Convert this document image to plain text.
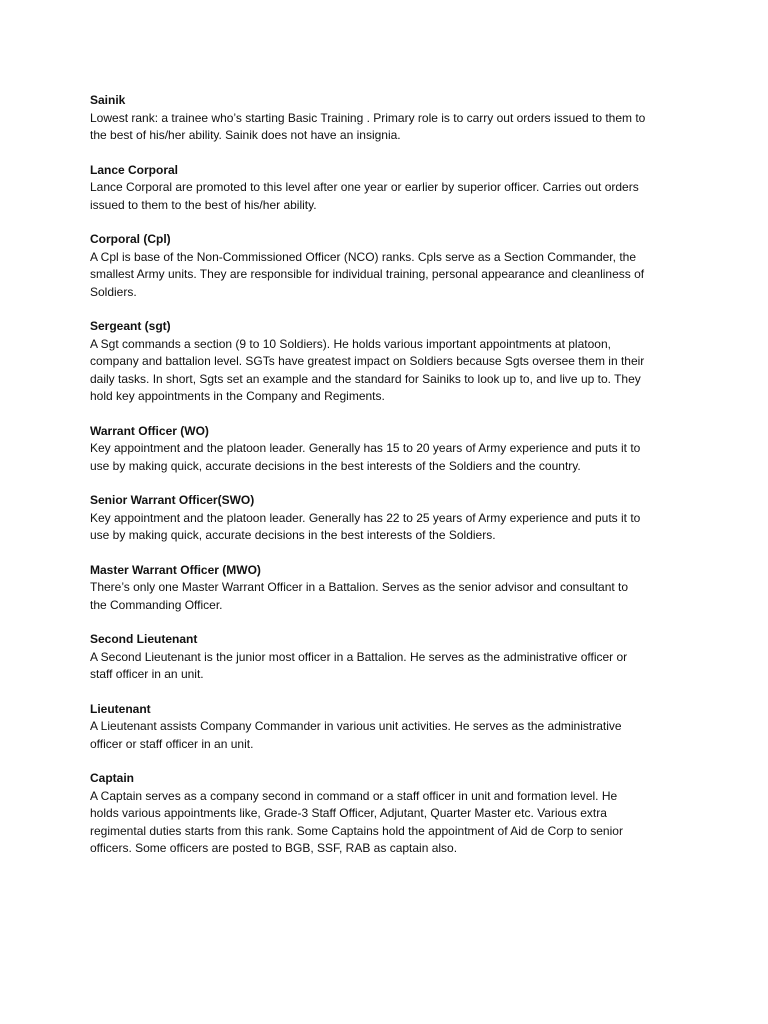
Sainik

Lowest rank: a trainee who’s starting Basic Training . Primary role is to carry out orders issued to them to
the best of his/her ability. Sainik does not have an insignia.

Lance Corporal

Lance Corporal are promoted to this level after one year or earlier by superior officer. Carries out orders
issued to them to the best of his/her ability.

Corporal (Cpl)

A Cpl is base of the Non-Commissioned Officer (NCO) ranks. Cpls serve as a Section Commander, the
smallest Army units. They are responsible for individual training, personal appearance and cleanliness of
Soldiers.

Sergeant (sgt)

A Sgt commands a section (9 to 10 Soldiers). He holds various important appointments at platoon,
company and battalion level. SGTs have greatest impact on Soldiers because Sgts oversee them in their
daily tasks. In short, Sgts set an example and the standard for Sainiks to look up to, and live up to. They
hold key appointments in the Company and Regiments.

Warrant Officer (WO)

Key appointment and the platoon leader. Generally has 15 to 20 years of Army experience and puts it to
use by making quick, accurate decisions in the best interests of the Soldiers and the country.

Senior Warrant Officer(SWO)

Key appointment and the platoon leader. Generally has 22 to 25 years of Army experience and puts it to
use by making quick, accurate decisions in the best interests of the Soldiers.

Master Warrant Officer (MWO)

There’s only one Master Warrant Officer in a Battalion. Serves as the senior advisor and consultant to
the Commanding Officer.

Second Lieutenant

A Second Lieutenant is the junior most officer in a Battalion. He serves as the administrative officer or
staff officer in an unit.

Lieutenant

A Lieutenant assists Company Commander in various unit activities. He serves as the administrative
officer or staff officer in an unit.

Captain

A Captain serves as a company second in command or a staff officer in unit and formation level. He
holds various appointments like, Grade-3 Staff Officer, Adjutant, Quarter Master etc. Various extra
regimental duties starts from this rank. Some Captains hold the appointment of Aid de Corp to senior
officers. Some officers are posted to BGB, SSF, RAB as captain also.
